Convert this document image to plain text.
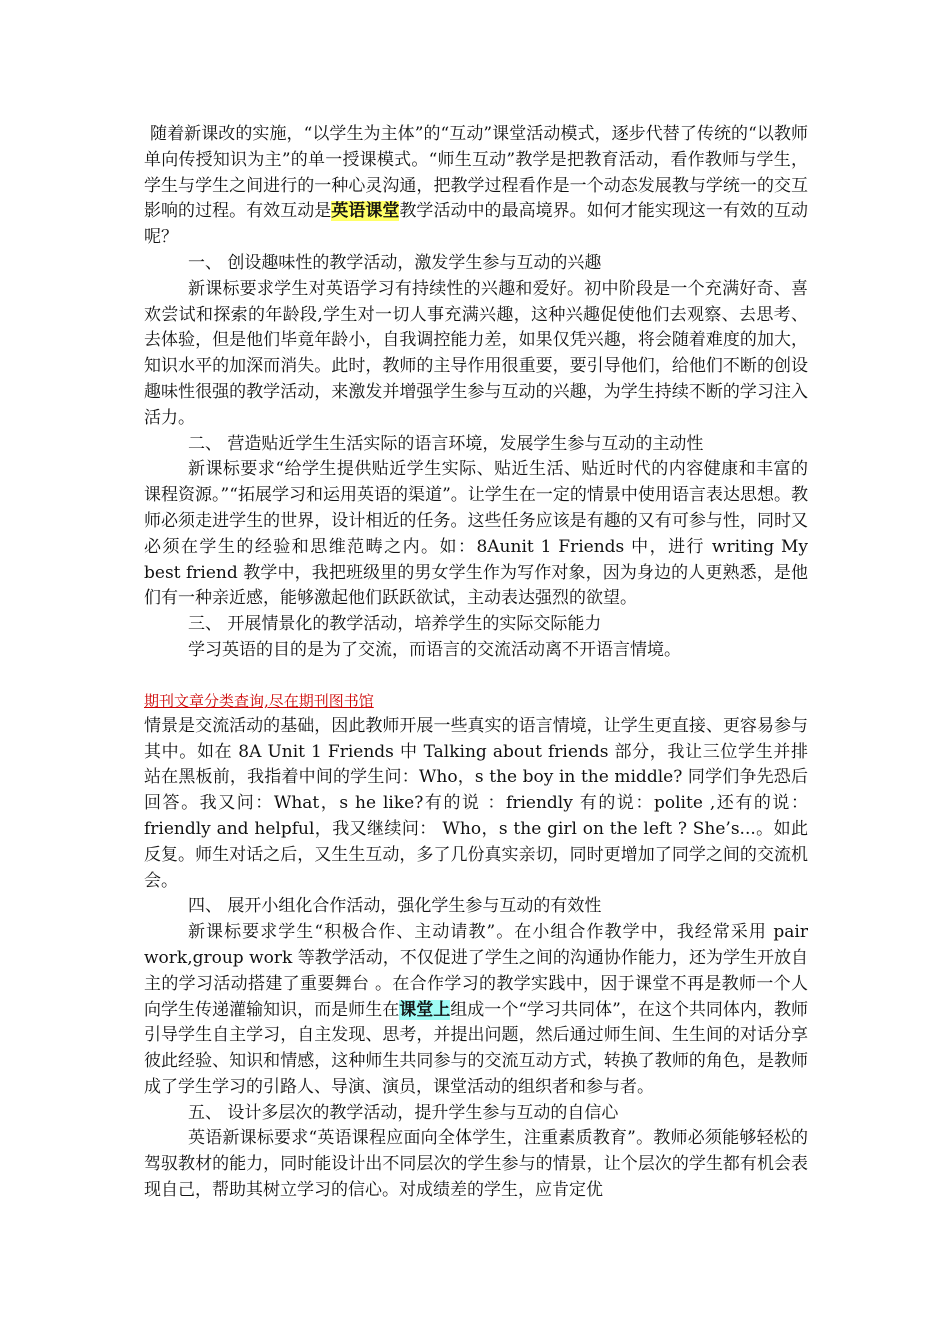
随着新课改的实施，“以学生为主体”的“互动”课堂活动模式，逐步代替了传统的“以教师单向传授知识为主”的单一授课模式。“师生互动”教学是把教育活动，看作教师与学生，学生与学生之间进行的一种心灵沟通，把教学过程看作是一个动态发展教与学统一的交互影响的过程。有效互动是英语课堂教学活动中的最高境界。如何才能实现这一有效的互动呢？

一、 创设趣味性的教学活动，激发学生参与互动的兴趣

新课标要求学生对英语学习有持续性的兴趣和爱好。初中阶段是一个充满好奇、喜欢尝试和探索的年龄段,学生对一切人事充满兴趣，这种兴趣促使他们去观察、去思考、去体验，但是他们毕竟年龄小，自我调控能力差，如果仅凭兴趣，将会随着难度的加大，知识水平的加深而消失。此时，教师的主导作用很重要，要引导他们，给他们不断的创设趣味性很强的教学活动，来激发并增强学生参与互动的兴趣，为学生持续不断的学习注入活力。

二、 营造贴近学生生活实际的语言环境，发展学生参与互动的主动性

新课标要求“给学生提供贴近学生实际、贴近生活、贴近时代的内容健康和丰富的课程资源。”“拓展学习和运用英语的渠道”。让学生在一定的情景中使用语言表达思想。教师必须走进学生的世界，设计相近的任务。这些任务应该是有趣的又有可参与性，同时又必须在学生的经验和思维范畴之内。如：8Aunit 1 Friends 中，进行 writing My best friend 教学中，我把班级里的男女学生作为写作对象，因为身边的人更熟悉，是他们有一种亲近感，能够激起他们跃跃欲试，主动表达强烈的欲望。

三、 开展情景化的教学活动，培养学生的实际交际能力

学习英语的目的是为了交流，而语言的交流活动离不开语言情境。

期刊文章分类查询,尽在期刊图书馆

情景是交流活动的基础，因此教师开展一些真实的语言情境，让学生更直接、更容易参与其中。如在 8A Unit 1 Friends 中 Talking about friends 部分，我让三位学生并排站在黑板前，我指着中间的学生问：Who，s the boy in the middle? 同学们争先恐后回答。我又问：What，s he like?有的说 ：friendly 有的说：polite ,还有的说： friendly and helpful，我又继续问： Who，s the girl on the left ? She’s...。如此反复。师生对话之后，又生生互动，多了几份真实亲切，同时更增加了同学之间的交流机会。

四、 展开小组化合作活动，强化学生参与互动的有效性

新课标要求学生“积极合作、主动请教”。在小组合作教学中，我经常采用 pair work,group work 等教学活动，不仅促进了学生之间的沟通协作能力，还为学生开放自主的学习活动搭建了重要舞台 。在合作学习的教学实践中，因于课堂不再是教师一个人向学生传递灌输知识，而是师生在课堂上组成一个“学习共同体”，在这个共同体内，教师引导学生自主学习，自主发现、思考，并提出问题，然后通过师生间、生生间的对话分享彼此经验、知识和情感，这种师生共同参与的交流互动方式，转换了教师的角色，是教师成了学生学习的引路人、导演、演员，课堂活动的组织者和参与者。

五、 设计多层次的教学活动，提升学生参与互动的自信心

英语新课标要求“英语课程应面向全体学生，注重素质教育”。教师必须能够轻松的驾驭教材的能力，同时能设计出不同层次的学生参与的情景，让个层次的学生都有机会表现自己，帮助其树立学习的信心。对成绩差的学生，应肯定优
